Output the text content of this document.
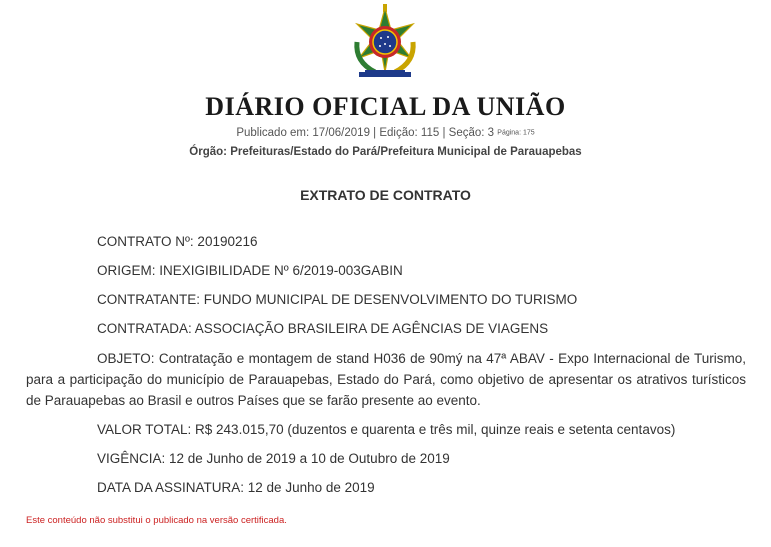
DIÁRIO OFICIAL DA UNIÃO
Publicado em: 17/06/2019 | Edição: 115 | Seção: 3 Página: 175
Órgão: Prefeituras/Estado do Pará/Prefeitura Municipal de Parauapebas
EXTRATO DE CONTRATO
CONTRATO Nº: 20190216
ORIGEM: INEXIGIBILIDADE Nº 6/2019-003GABIN
CONTRATANTE: FUNDO MUNICIPAL DE DESENVOLVIMENTO DO TURISMO
CONTRATADA: ASSOCIAÇÃO BRASILEIRA DE AGÊNCIAS DE VIAGENS
OBJETO: Contratação e montagem de stand H036 de 90mý na 47ª ABAV - Expo Internacional de Turismo, para a participação do município de Parauapebas, Estado do Pará, como objetivo de apresentar os atrativos turísticos de Parauapebas ao Brasil e outros Países que se farão presente ao evento.
VALOR TOTAL: R$ 243.015,70 (duzentos e quarenta e três mil, quinze reais e setenta centavos)
VIGÊNCIA: 12 de Junho de 2019 a 10 de Outubro de 2019
DATA DA ASSINATURA: 12 de Junho de 2019
Este conteúdo não substitui o publicado na versão certificada.
